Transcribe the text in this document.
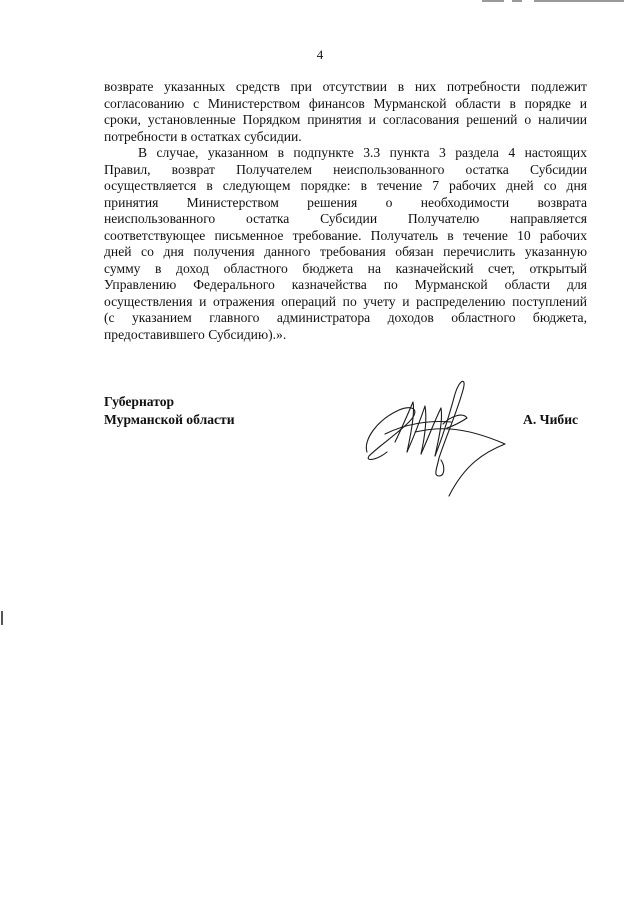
4
возврате указанных средств при отсутствии в них потребности подлежит
согласованию с Министерством финансов Мурманской области в порядке и
сроки, установленные Порядком принятия и согласования решений о наличии
потребности в остатках субсидии.
В случае, указанном в подпункте 3.3 пункта 3 раздела 4 настоящих
Правил, возврат Получателем неиспользованного остатка Субсидии
осуществляется в следующем порядке: в течение 7 рабочих дней со дня
принятия Министерством решения о необходимости возврата
неиспользованного остатка Субсидии Получателю направляется
соответствующее письменное требование. Получатель в течение 10 рабочих
дней со дня получения данного требования обязан перечислить указанную
сумму в доход областного бюджета на казначейский счет, открытый
Управлению Федерального казначейства по Мурманской области для
осуществления и отражения операций по учету и распределению поступлений
(с указанием главного администратора доходов областного бюджета,
предоставившего Субсидию).».
Губернатор
Мурманской области	А. Чибис
